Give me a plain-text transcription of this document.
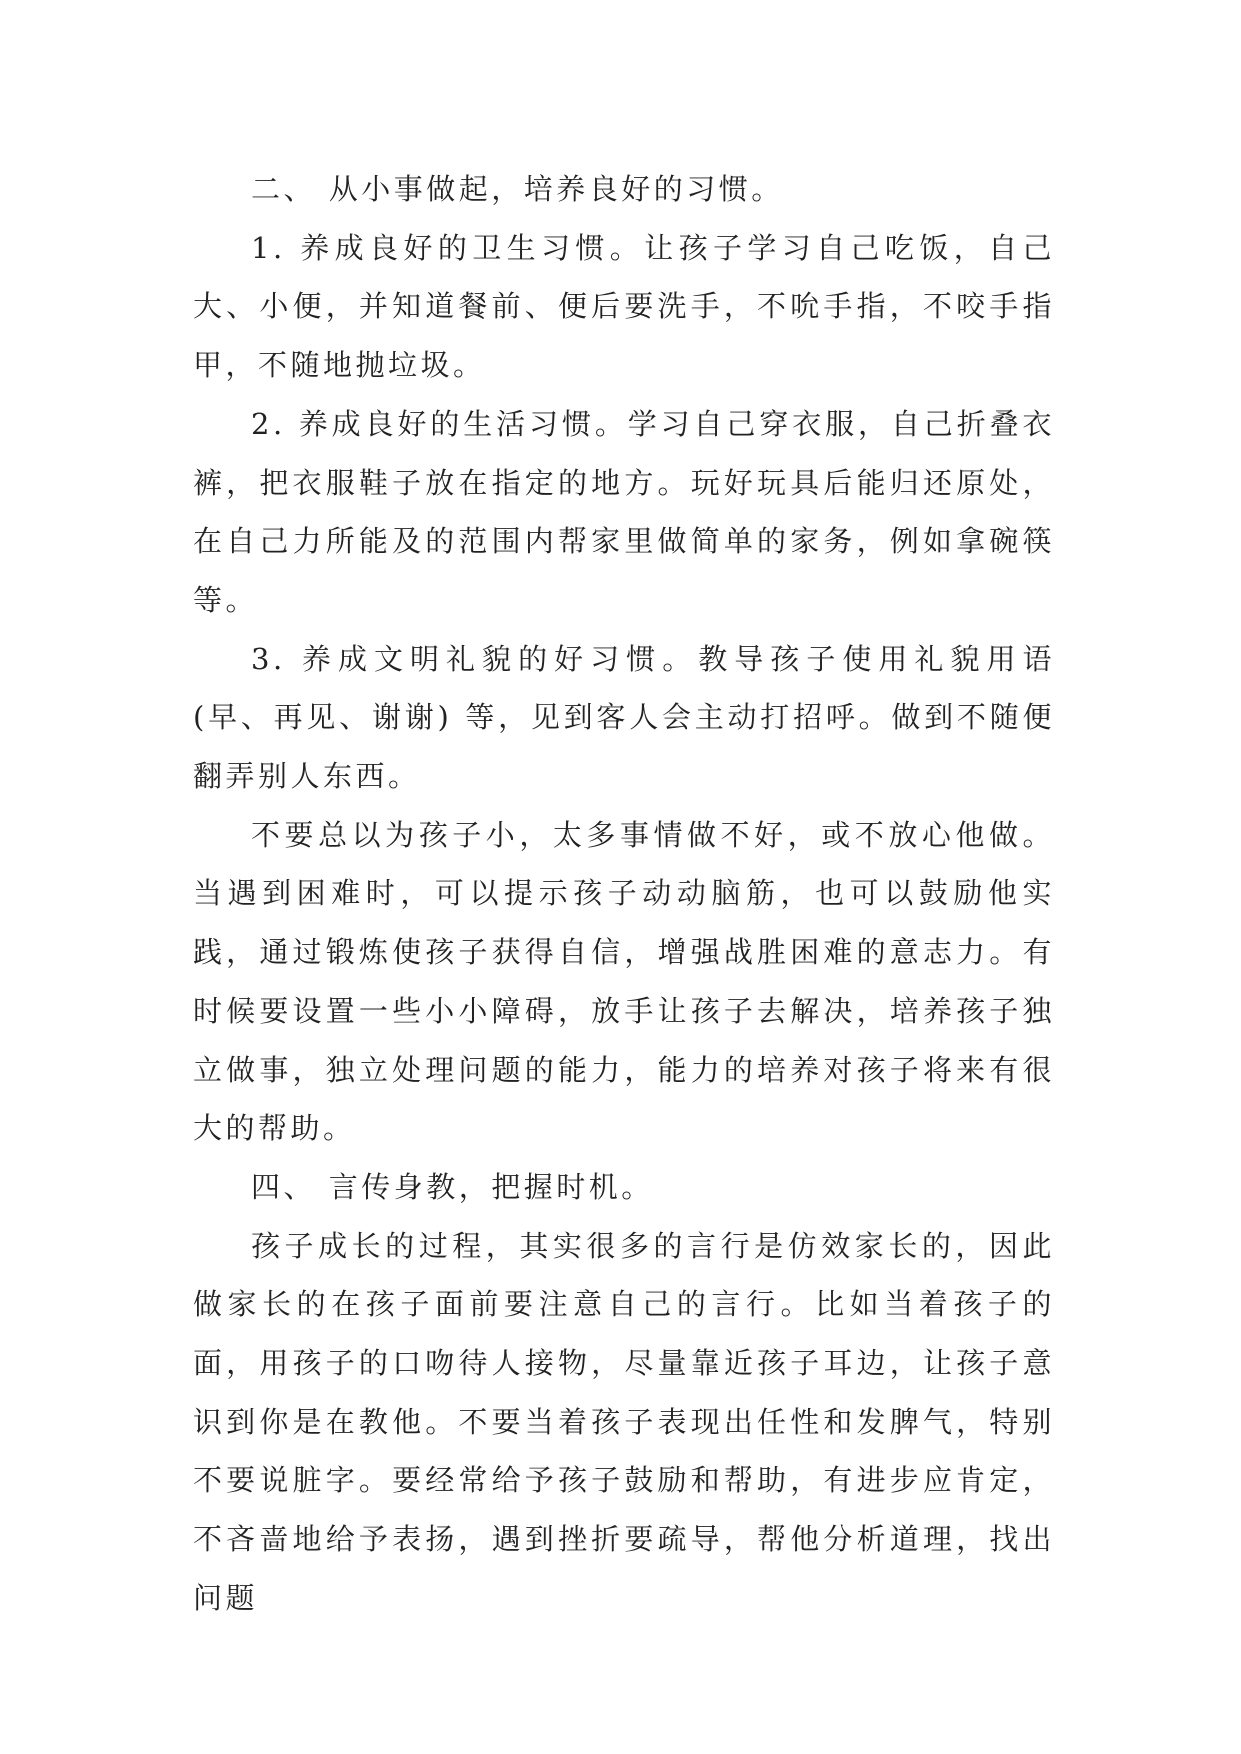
二、 从小事做起，培养良好的习惯。

1. 养成良好的卫生习惯。让孩子学习自己吃饭，自己大、小便，并知道餐前、便后要洗手，不吮手指，不咬手指甲，不随地抛垃圾。

2. 养成良好的生活习惯。学习自己穿衣服，自己折叠衣裤，把衣服鞋子放在指定的地方。玩好玩具后能归还原处，在自己力所能及的范围内帮家里做简单的家务，例如拿碗筷等。

3. 养成文明礼貌的好习惯。教导孩子使用礼貌用语(早、再见、谢谢) 等，见到客人会主动打招呼。做到不随便翻弄别人东西。

不要总以为孩子小，太多事情做不好，或不放心他做。当遇到困难时，可以提示孩子动动脑筋，也可以鼓励他实践，通过锻炼使孩子获得自信，增强战胜困难的意志力。有时候要设置一些小小障碍，放手让孩子去解决，培养孩子独立做事，独立处理问题的能力，能力的培养对孩子将来有很大的帮助。

四、 言传身教，把握时机。

孩子成长的过程，其实很多的言行是仿效家长的，因此做家长的在孩子面前要注意自己的言行。比如当着孩子的面，用孩子的口吻待人接物，尽量靠近孩子耳边，让孩子意识到你是在教他。不要当着孩子表现出任性和发脾气，特别不要说脏字。要经常给予孩子鼓励和帮助，有进步应肯定，不吝啬地给予表扬，遇到挫折要疏导，帮他分析道理，找出问题
